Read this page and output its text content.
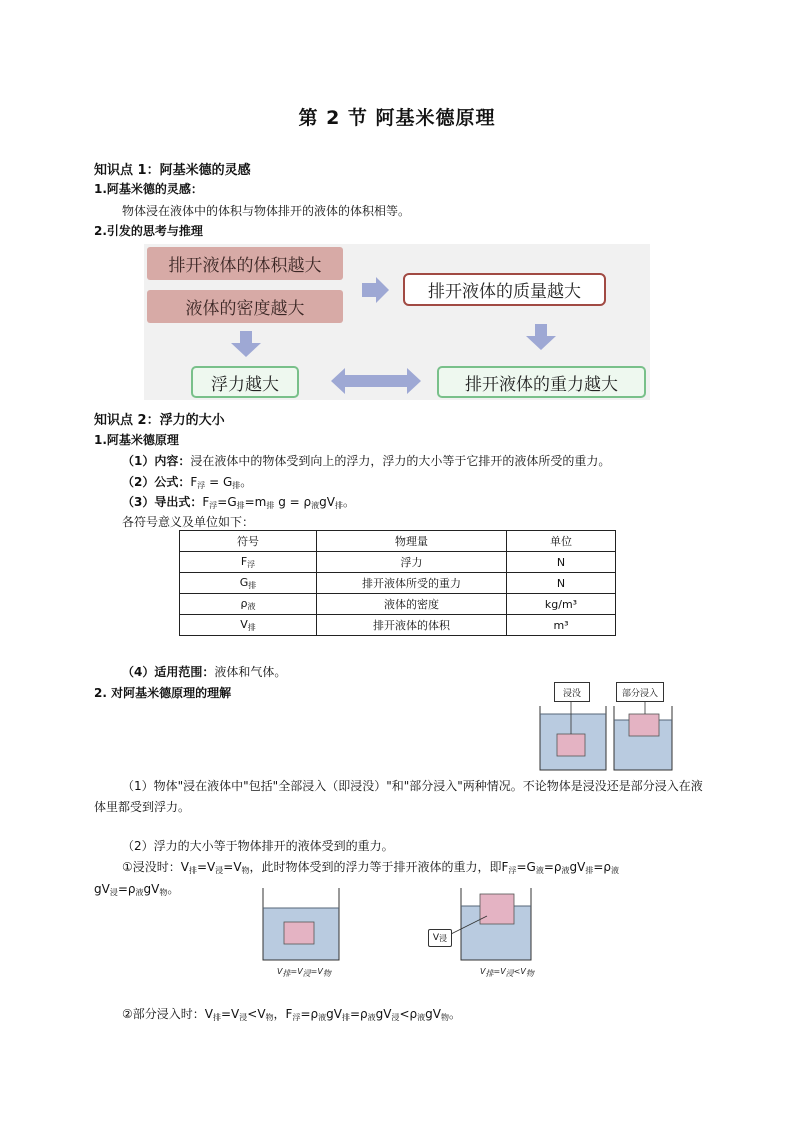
第 2 节 阿基米德原理
知识点 1：阿基米德的灵感
1.阿基米德的灵感：
物体浸在液体中的体积与物体排开的液体的体积相等。
2.引发的思考与推理
排开液体的体积越大
液体的密度越大
排开液体的质量越大
浮力越大	排开液体的重力越大
知识点 2：浮力的大小
1.阿基米德原理
（1）内容：浸在液体中的物体受到向上的浮力，浮力的大小等于它排开的液体所受的重力。
（2）公式：$F_浮 = G_排$。
（3）导出式：$F_浮=G_排=m_排$ $g = \rho_液gV_排$。
各符号意义及单位如下：
符号	物理量	单位
$F_浮$	浮力	N
$G_排$	排开液体所受的重力	N
$\rho_液$	液体的密度	kg/m³
$V_排$	排开液体的体积	m³
（4）适用范围：液体和气体。
2. 对阿基米德原理的理解	浸没	部分浸入
（1）物体"浸在液体中"包括"全部浸入（即浸没）"和"部分浸入"两种情况。不论物体是浸没还是部分浸入在液体里都受到浮力。
（2）浮力的大小等于物体排开的液体受到的重力。
①浸没时：$V_排=V_浸=V_物$，此时物体受到的浮力等于排开液体的重力，即$F_浮=G_液=\rho_液gV_排=\rho_液$
$gV_浸=\rho_液gV_物$。
$V_排=V_浸=V_物$
V 浸
$V_排=V_浸<V_物$
②部分浸入时：$V_排=V_浸<V_物$，$F_浮=\rho_液gV_排=\rho_液gV_浸<\rho_液gV_物$。
